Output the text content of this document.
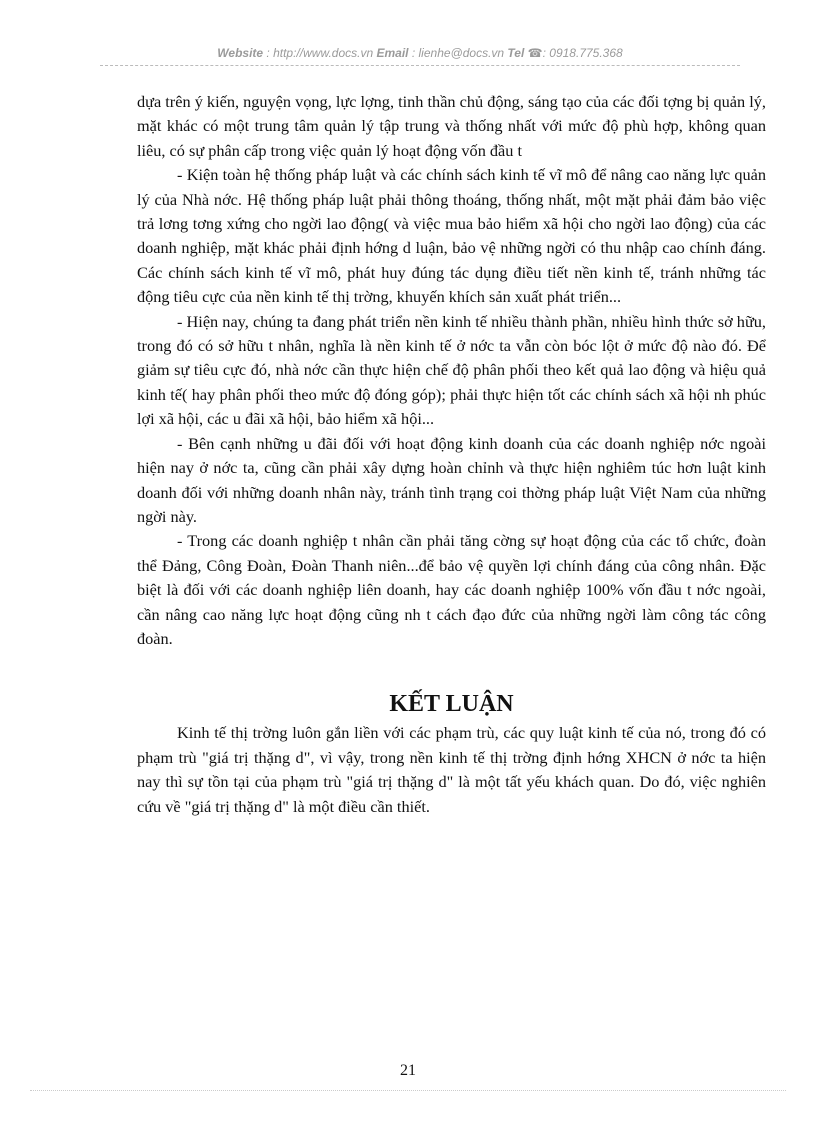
Website : http://www.docs.vn Email : lienhe@docs.vn Tel ☎: 0918.775.368

dựa trên ý kiến, nguyện vọng, lực lợng, tinh thần chủ động, sáng tạo của các đối tợng bị quản lý, mặt khác có một trung tâm quản lý tập trung và thống nhất với mức độ phù hợp, không quan liêu, có sự phân cấp trong việc quản lý hoạt động vốn đầu t

- Kiện toàn hệ thống pháp luật và các chính sách kinh tế vĩ mô để nâng cao năng lực quản lý của Nhà nớc. Hệ thống pháp luật phải thông thoáng, thống nhất, một mặt phải đảm bảo việc trả lơng tơng xứng cho ngời lao động( và việc mua bảo hiểm xã hội cho ngời lao động) của các doanh nghiệp, mặt khác phải định hớng d luận, bảo vệ những ngời có thu nhập cao chính đáng. Các chính sách kinh tế vĩ mô, phát huy đúng tác dụng điều tiết nền kinh tế, tránh những tác động tiêu cực của nền kinh tế thị trờng, khuyến khích sản xuất phát triển...

- Hiện nay, chúng ta đang phát triển nền kinh tế nhiều thành phần, nhiều hình thức sở hữu, trong đó có sở hữu t nhân, nghĩa là nền kinh tế ở nớc ta vẫn còn bóc lột ở mức độ nào đó. Để giảm sự tiêu cực đó, nhà nớc cần thực hiện chế độ phân phối theo kết quả lao động và hiệu quả kinh tế( hay phân phối theo mức độ đóng góp); phải thực hiện tốt các chính sách xã hội nh phúc lợi xã hội, các u đãi xã hội, bảo hiểm xã hội...

- Bên cạnh những u đãi đối với hoạt động kinh doanh của các doanh nghiệp nớc ngoài hiện nay ở nớc ta, cũng cần phải xây dựng hoàn chỉnh và thực hiện nghiêm túc hơn luật kinh doanh đối với những doanh nhân này, tránh tình trạng coi thờng pháp luật Việt Nam của những ngời này.

- Trong các doanh nghiệp t nhân cần phải tăng cờng sự hoạt động của các tổ chức, đoàn thể Đảng, Công Đoàn, Đoàn Thanh niên...để bảo vệ quyền lợi chính đáng của công nhân. Đặc biệt là đối với các doanh nghiệp liên doanh, hay các doanh nghiệp 100% vốn đầu t nớc ngoài, cần nâng cao năng lực hoạt động cũng nh t cách đạo đức của những ngời làm công tác công đoàn.

KẾT LUẬN

Kinh tế thị trờng luôn gắn liền với các phạm trù, các quy luật kinh tế của nó, trong đó có phạm trù "giá trị thặng d", vì vậy, trong nền kinh tế thị trờng định hớng XHCN ở nớc ta hiện nay thì sự tồn tại của phạm trù "giá trị thặng d" là một tất yếu khách quan. Do đó, việc nghiên cứu về "giá trị thặng d" là một điều cần thiết.

21
